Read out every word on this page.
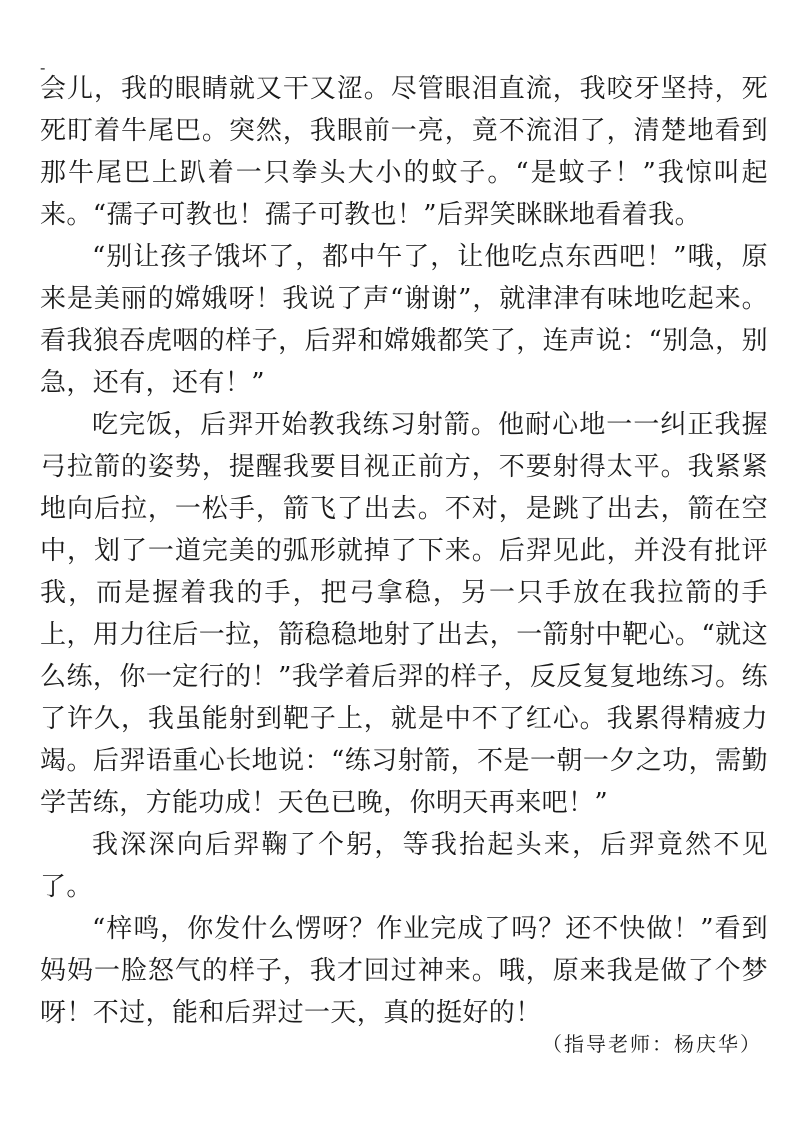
-

会儿，我的眼睛就又干又涩。尽管眼泪直流，我咬牙坚持，死死盯着牛尾巴。突然，我眼前一亮，竟不流泪了，清楚地看到那牛尾巴上趴着一只拳头大小的蚊子。“是蚊子！”我惊叫起来。“孺子可教也！孺子可教也！”后羿笑眯眯地看着我。

“别让孩子饿坏了，都中午了，让他吃点东西吧！”哦，原来是美丽的嫦娥呀！我说了声“谢谢”，就津津有味地吃起来。看我狼吞虎咽的样子，后羿和嫦娥都笑了，连声说：“别急，别急，还有，还有！”

吃完饭，后羿开始教我练习射箭。他耐心地一一纠正我握弓拉箭的姿势，提醒我要目视正前方，不要射得太平。我紧紧地向后拉，一松手，箭飞了出去。不对，是跳了出去，箭在空中，划了一道完美的弧形就掉了下来。后羿见此，并没有批评我，而是握着我的手，把弓拿稳，另一只手放在我拉箭的手上，用力往后一拉，箭稳稳地射了出去，一箭射中靶心。“就这么练，你一定行的！”我学着后羿的样子，反反复复地练习。练了许久，我虽能射到靶子上，就是中不了红心。我累得精疲力竭。后羿语重心长地说：“练习射箭，不是一朝一夕之功，需勤学苦练，方能功成！天色已晚，你明天再来吧！”

我深深向后羿鞠了个躬，等我抬起头来，后羿竟然不见了。

“梓鸣，你发什么愣呀？作业完成了吗？还不快做！”看到妈妈一脸怒气的样子，我才回过神来。哦，原来我是做了个梦呀！不过，能和后羿过一天，真的挺好的！

（指导老师：杨庆华）
